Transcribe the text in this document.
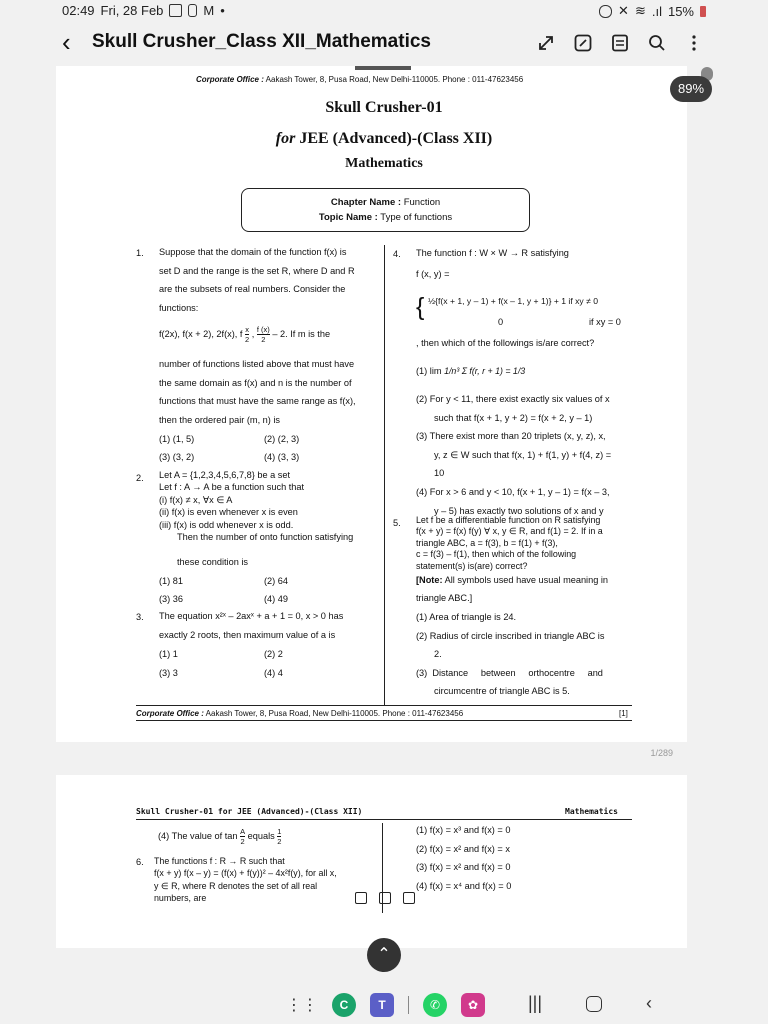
02:49 Fri, 28 Feb	M •	✕ ≋ .ıl 15%
‹ Skull Crusher_Class XII_Mathematics
89%
Corporate Office : Aakash Tower, 8, Pusa Road, New Delhi-110005. Phone : 011-47623456
Skull Crusher-01
for JEE (Advanced)-(Class XII)
Mathematics
Chapter Name : Function
Topic Name : Type of functions
1. Suppose that the domain of the function f(x) is
set D and the range is the set R, where D and R
are the subsets of real numbers. Consider the
functions:
f(2x), f(x + 2), 2f(x), f $\frac{x}{2}$ , $\frac{f (x)}{2} - 2$. If m is the
number of functions listed above that must have
the same domain as f(x) and n is the number of
functions that must have the same range as f(x),
then the ordered pair (m, n) is
(1) (1, 5)	(2) (2, 3)
(3) (3, 2)	(4) (3, 3)
2. Let A = {1,2,3,4,5,6,7,8} be a set
Let f : A → A be a function such that
(i) f(x) ≠ x, ∀x ∈ A
(ii) f(x) is even whenever x is even
(iii) f(x) is odd whenever x is odd.
Then the number of onto function satisfying
these condition is
(1) 81	(2) 64
(3) 36	(4) 49
3. The equation x²ˣ – 2axˣ + a + 1 = 0, x > 0 has
exactly 2 roots, then maximum value of a is
(1) 1	(2) 2
(3) 3	(4) 4
4. The function f : W × W → R satisfying
f (x, y) =
{ ½{f(x + 1, y – 1) + f(x – 1, y + 1)} + 1 if xy ≠ 0
0	if xy = 0
, then which of the followings is/are correct?
(1) lim 1/n³ Σ f(r, r + 1) = 1/3
(2) For y < 11, there exist exactly six values of x
such that f(x + 1, y + 2) = f(x + 2, y – 1)
(3) There exist more than 20 triplets (x, y, z), x,
y, z ∈ W such that f(x, 1) + f(1, y) + f(4, z) =
10
(4) For x > 6 and y < 10, f(x + 1, y – 1) = f(x – 3,
y – 5) has exactly two solutions of x and y
5. Let f be a differentiable function on R satisfying
f(x + y) = f(x) f(y) ∀ x, y ∈ R, and f(1) = 2. If in a
triangle ABC, a = f(3), b = f(1) + f(3),
c = f(3) – f(1), then which of the following
statement(s) is(are) correct?
[Note: All symbols used have usual meaning in
triangle ABC.]
(1) Area of triangle is 24.
(2) Radius of circle inscribed in triangle ABC is
2.
(3)  Distance     between     orthocentre     and
circumcentre of triangle ABC is 5.
Corporate Office : Aakash Tower, 8, Pusa Road, New Delhi-110005. Phone : 011-47623456	[1]
1/289
Skull Crusher-01 for JEE (Advanced)-(Class XII)	Mathematics
(4) The value of $\tan \frac{A}{2}$ equals $\frac{1}{2}$
6. The functions f : R → R such that
f(x + y) f(x – y) = (f(x) + f(y))² – 4x²f(y), for all x,
y ∈ R, where R denotes the set of all real
numbers, are
(1) f(x) = x³ and f(x) = 0
(2) f(x) = x² and f(x) = x
(3) f(x) = x² and f(x) = 0
(4) f(x) = x⁴ and f(x) = 0
⌃
⋮⋮	C	T	✆	✿	|||	‹
